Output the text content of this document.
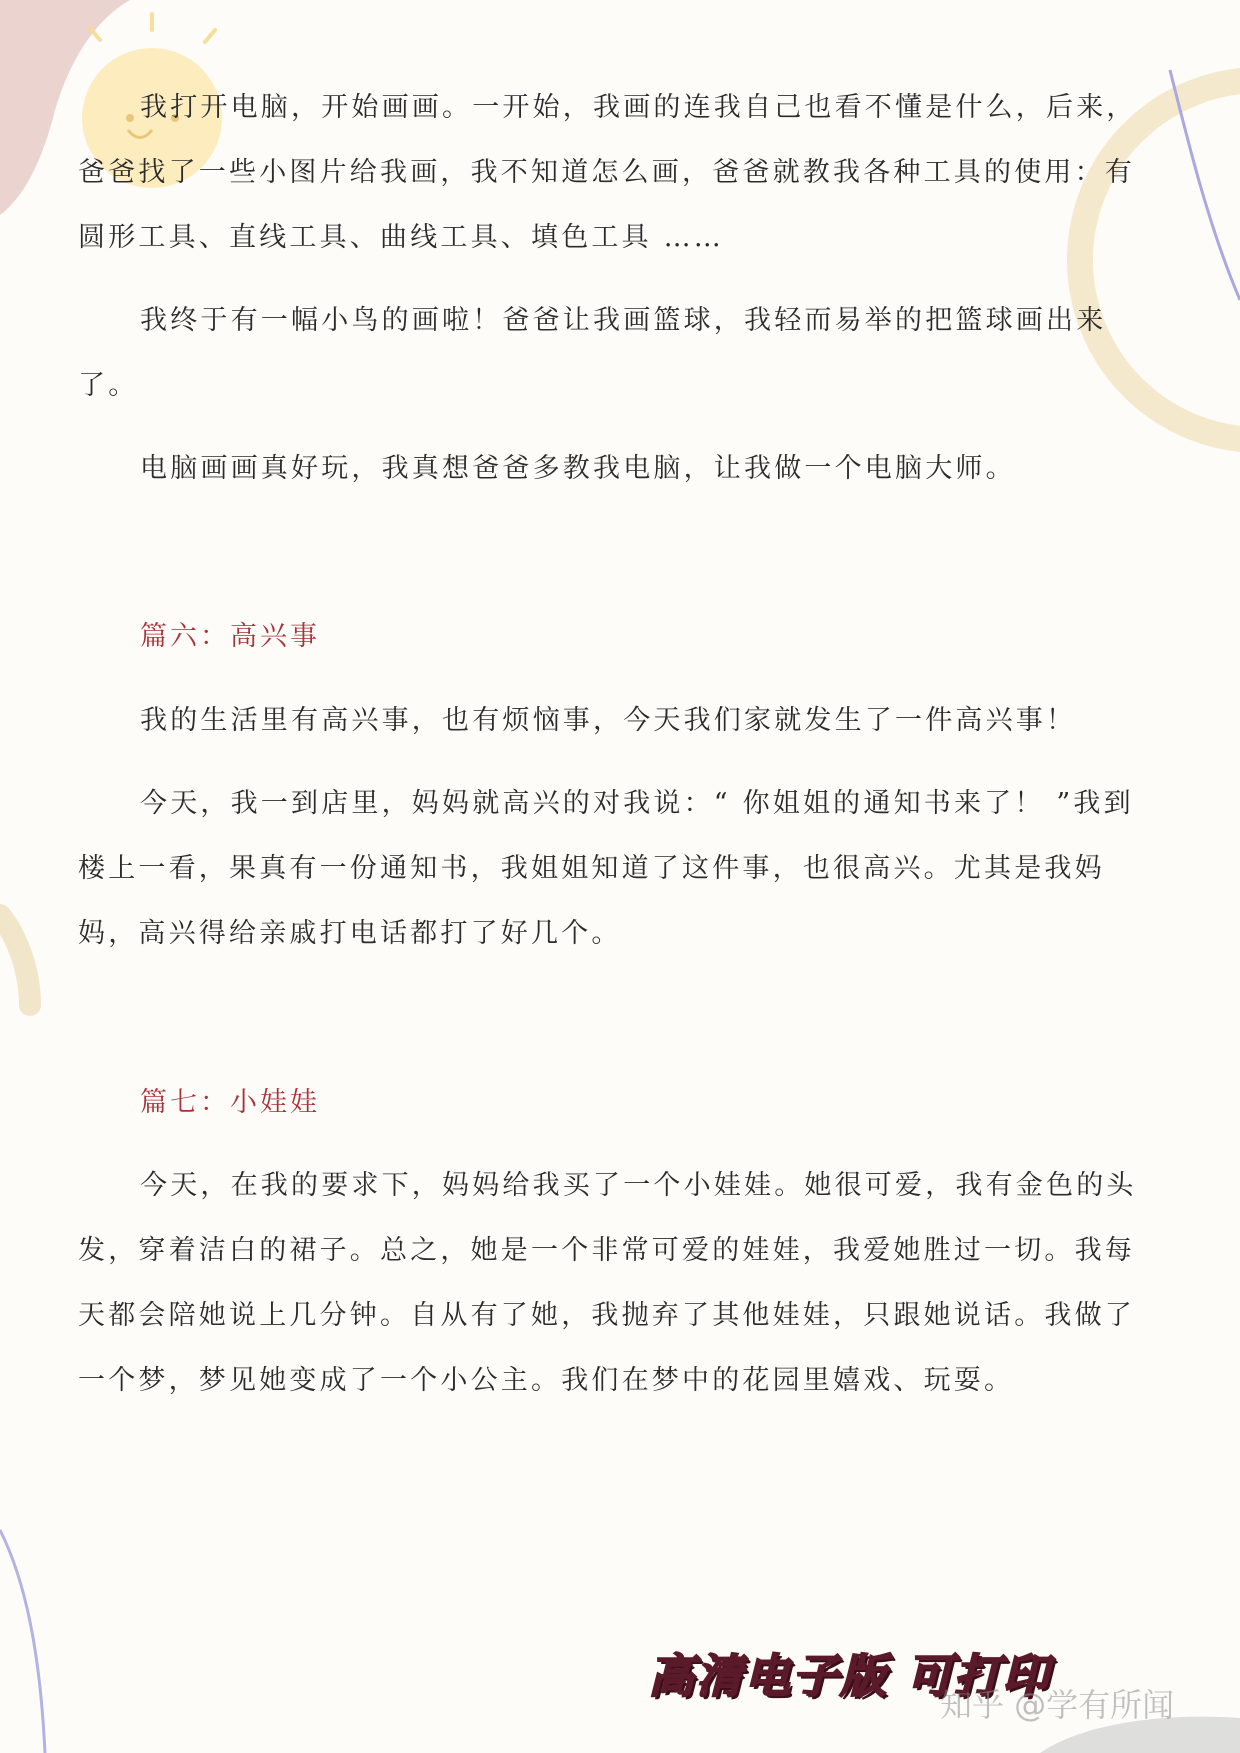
我打开电脑，开始画画。一开始，我画的连我自己也看不懂是什么，后来，爸爸找了一些小图片给我画，我不知道怎么画，爸爸就教我各种工具的使用：有圆形工具、直线工具、曲线工具、填色工具 ……

我终于有一幅小鸟的画啦！爸爸让我画篮球，我轻而易举的把篮球画出来了。

电脑画画真好玩，我真想爸爸多教我电脑，让我做一个电脑大师。

篇六：高兴事

我的生活里有高兴事，也有烦恼事，今天我们家就发生了一件高兴事！

今天，我一到店里，妈妈就高兴的对我说：“ 你姐姐的通知书来了！ ”我到楼上一看，果真有一份通知书，我姐姐知道了这件事，也很高兴。尤其是我妈妈，高兴得给亲戚打电话都打了好几个。

篇七：小娃娃

今天，在我的要求下，妈妈给我买了一个小娃娃。她很可爱，我有金色的头发，穿着洁白的裙子。总之，她是一个非常可爱的娃娃，我爱她胜过一切。我每天都会陪她说上几分钟。自从有了她，我抛弃了其他娃娃，只跟她说话。我做了一个梦，梦见她变成了一个小公主。我们在梦中的花园里嬉戏、玩耍。

高清电子版 可打印
知乎 @学有所闻
